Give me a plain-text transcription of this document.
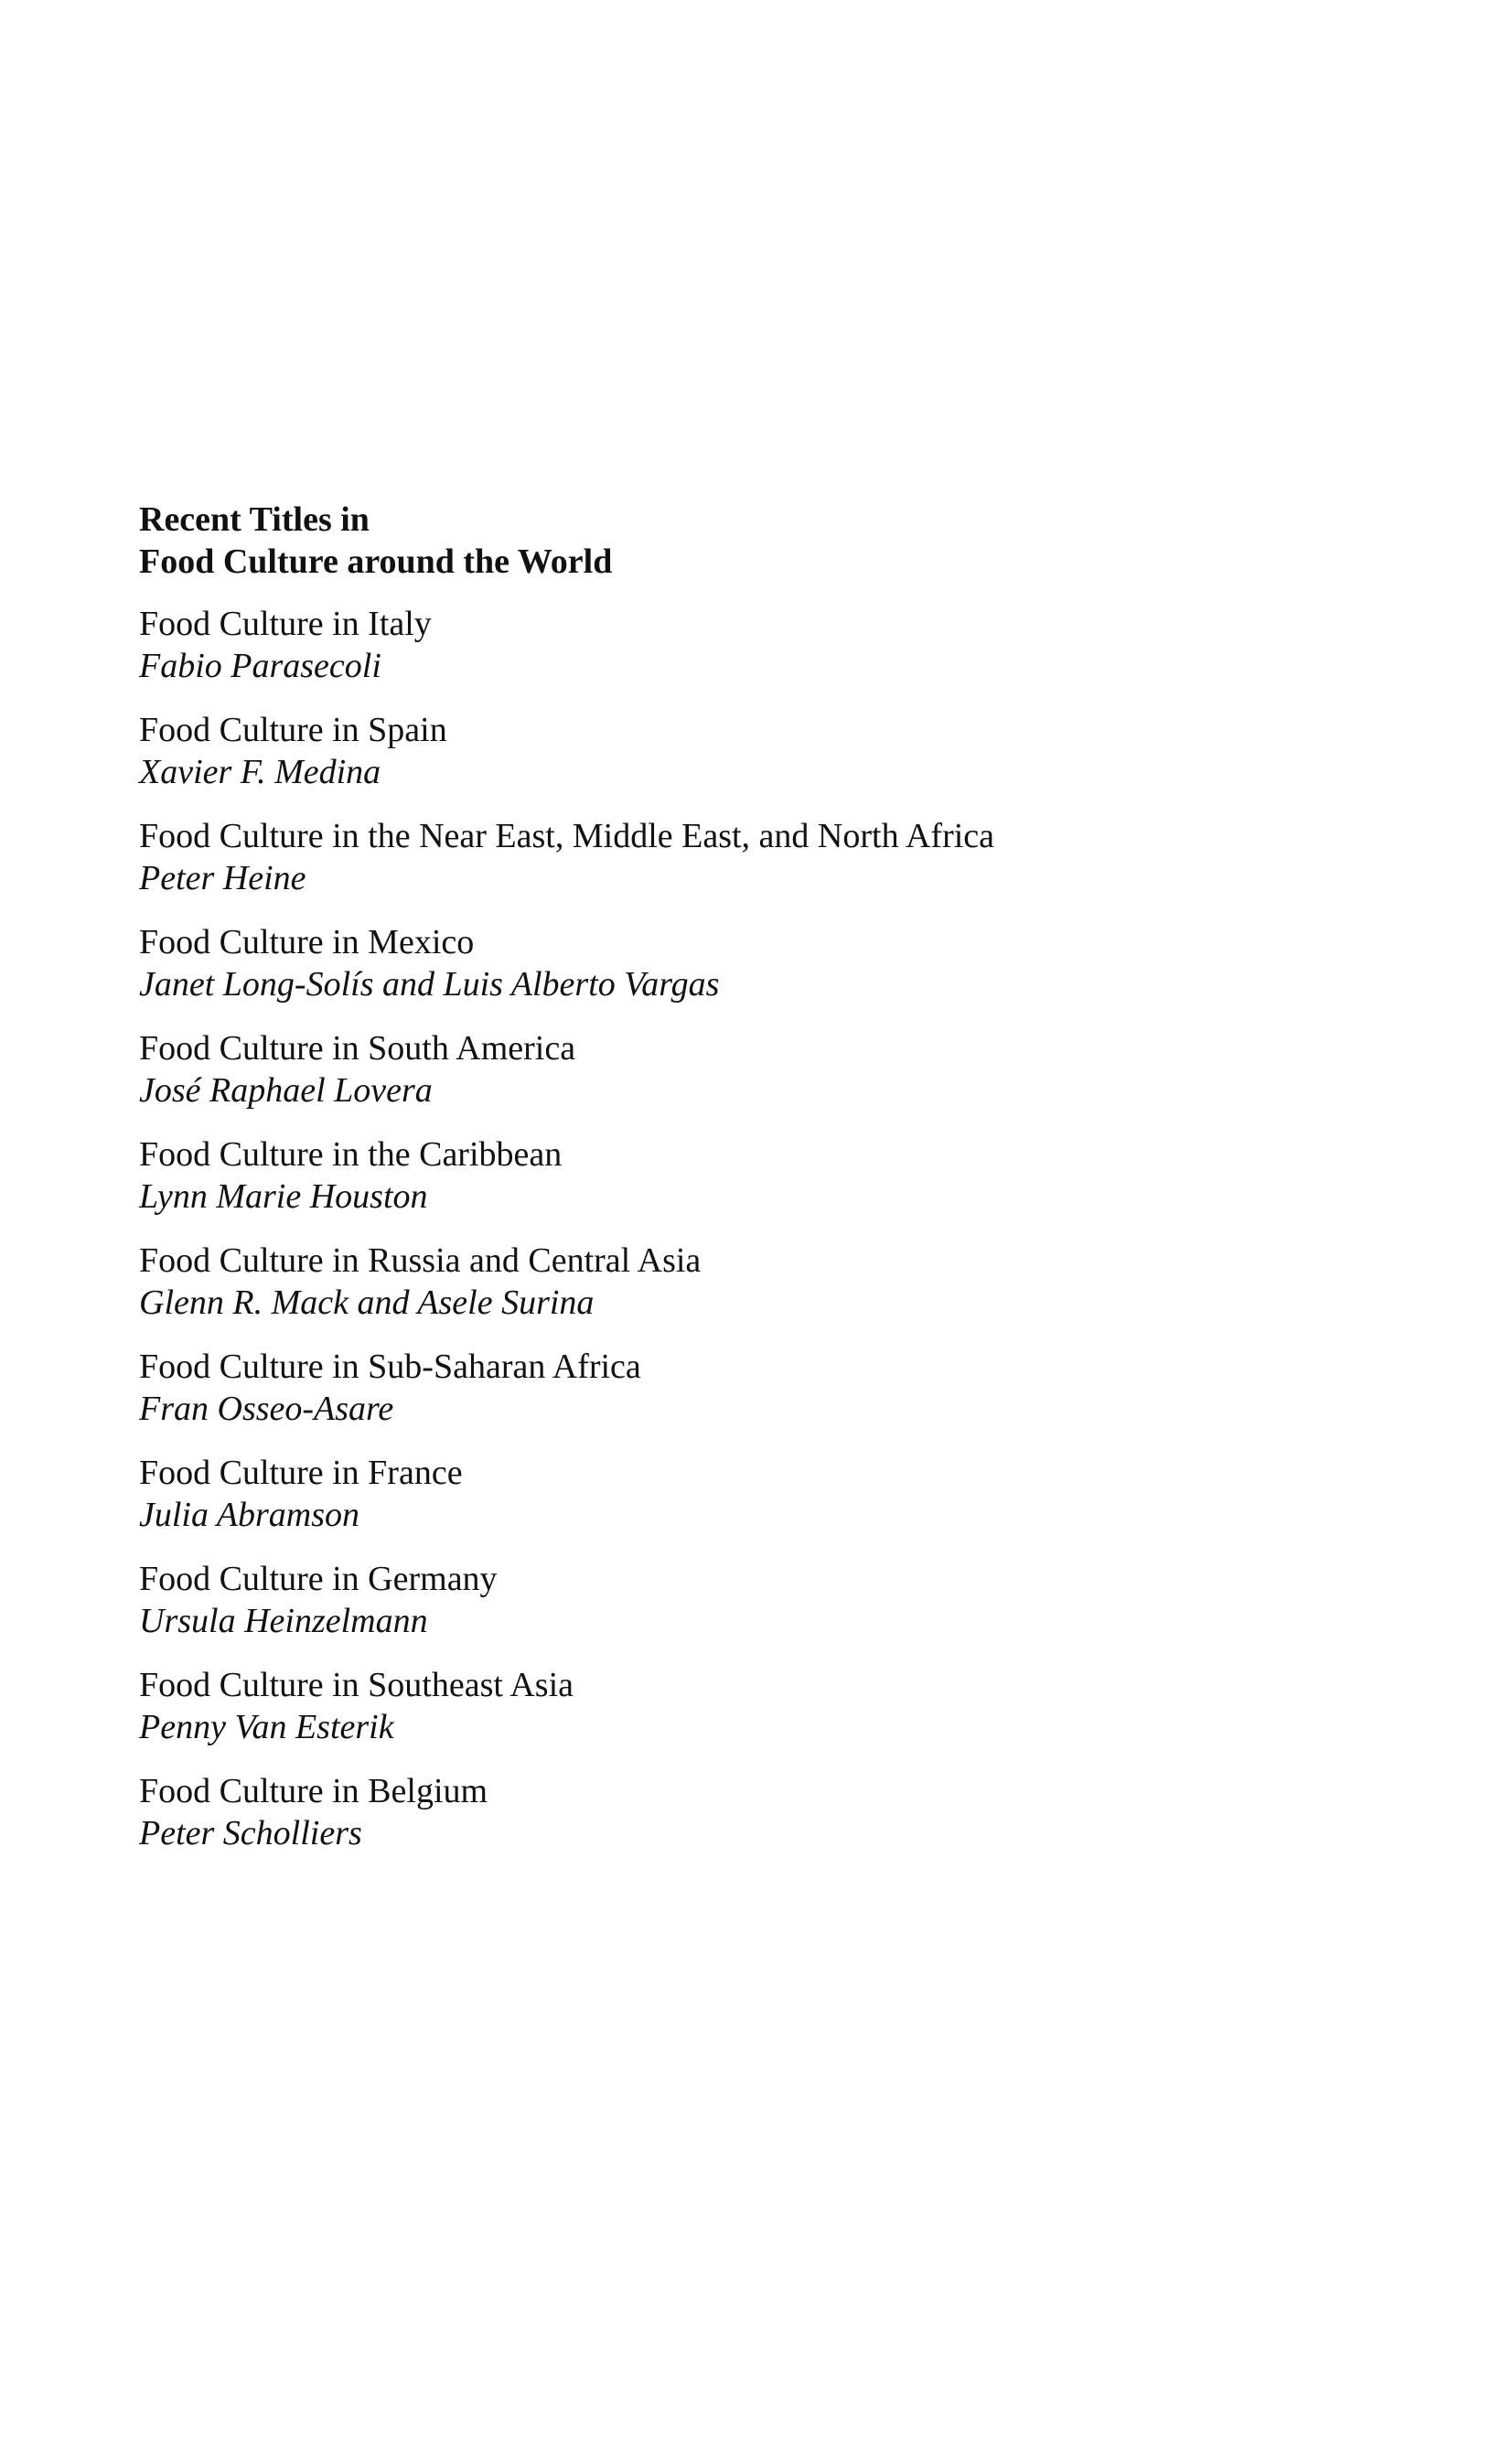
Recent Titles in
Food Culture around the World
Food Culture in Italy
Fabio Parasecoli
Food Culture in Spain
Xavier F. Medina
Food Culture in the Near East, Middle East, and North Africa
Peter Heine
Food Culture in Mexico
Janet Long-Solís and Luis Alberto Vargas
Food Culture in South America
José Raphael Lovera
Food Culture in the Caribbean
Lynn Marie Houston
Food Culture in Russia and Central Asia
Glenn R. Mack and Asele Surina
Food Culture in Sub-Saharan Africa
Fran Osseo-Asare
Food Culture in France
Julia Abramson
Food Culture in Germany
Ursula Heinzelmann
Food Culture in Southeast Asia
Penny Van Esterik
Food Culture in Belgium
Peter Scholliers
